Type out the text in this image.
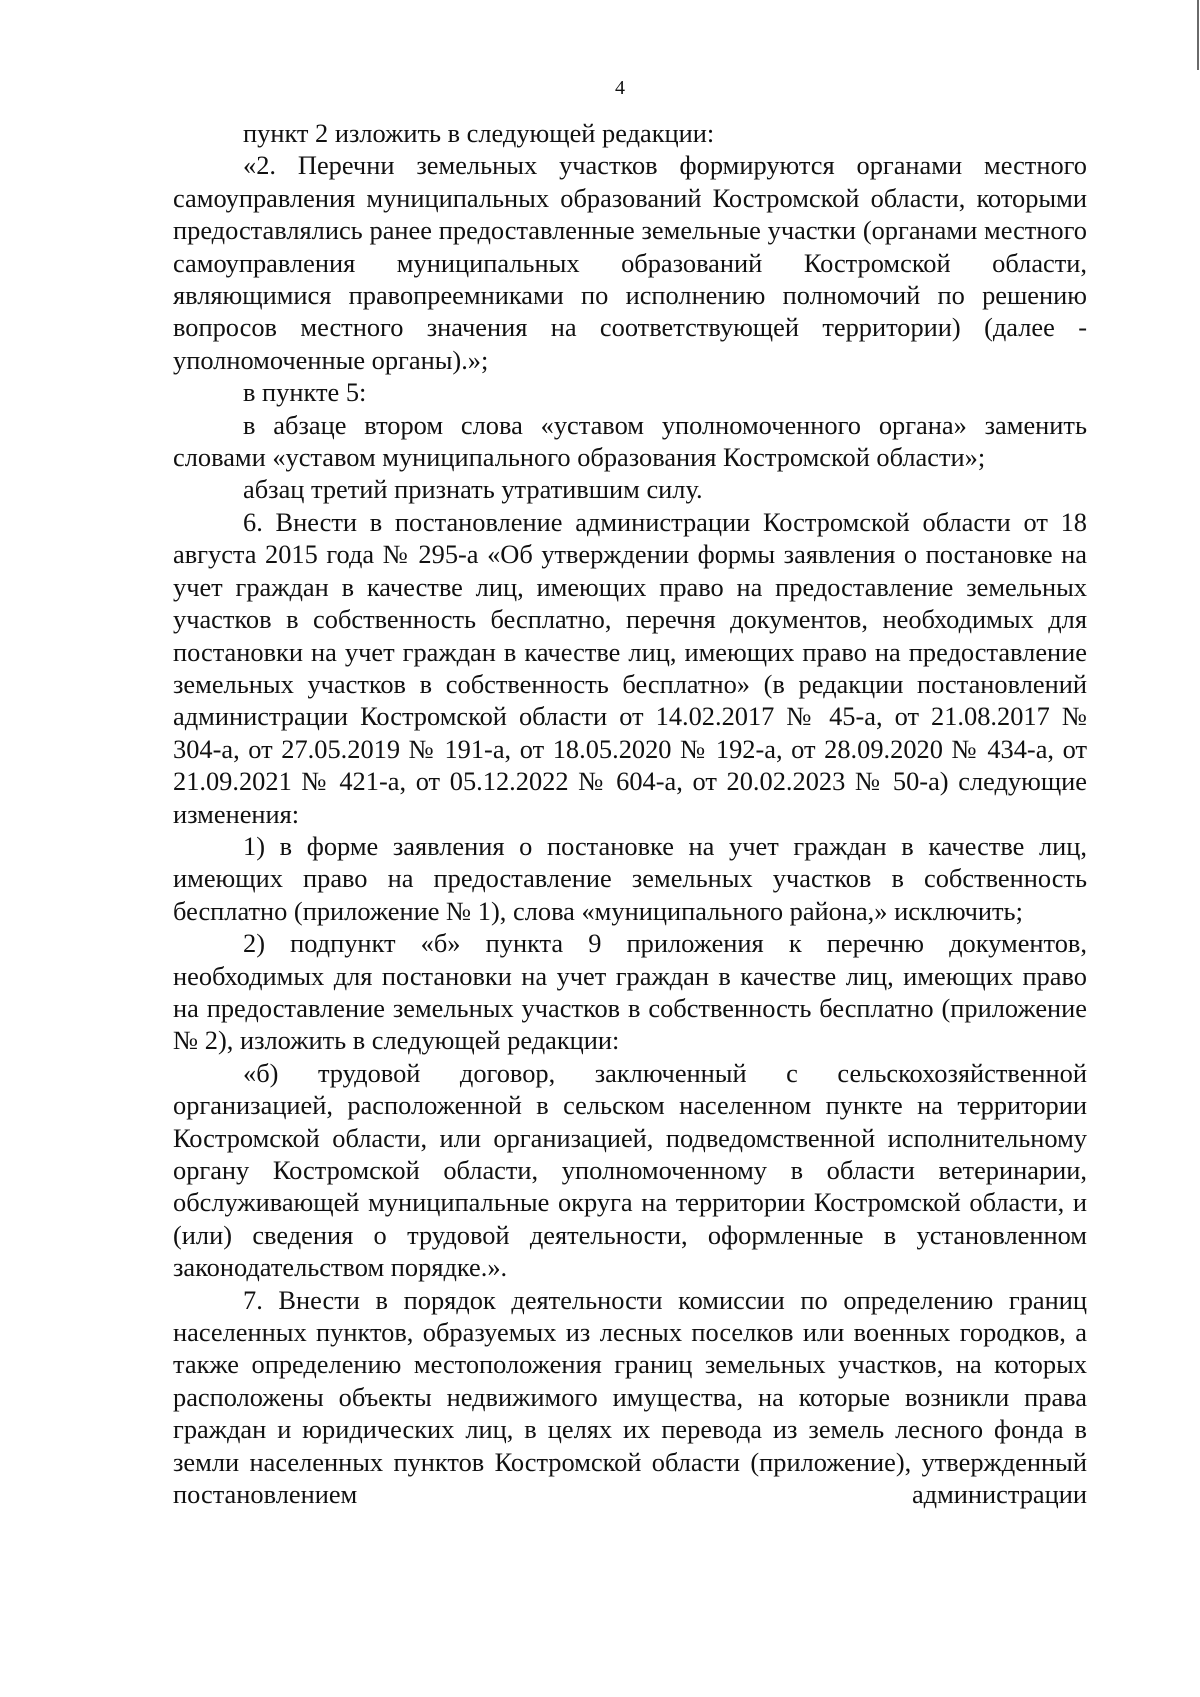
4

пункт 2 изложить в следующей редакции:

«2. Перечни земельных участков формируются органами местного самоуправления муниципальных образований Костромской области, которыми предоставлялись ранее предоставленные земельные участки (органами местного самоуправления муниципальных образований Костромской области, являющимися правопреемниками по исполнению полномочий по решению вопросов местного значения на соответствующей территории) (далее - уполномоченные органы).»;

в пункте 5:

в абзаце втором слова «уставом уполномоченного органа» заменить словами «уставом муниципального образования Костромской области»;

абзац третий признать утратившим силу.

6. Внести в постановление администрации Костромской области от 18 августа 2015 года № 295-а «Об утверждении формы заявления о постановке на учет граждан в качестве лиц, имеющих право на предоставление земельных участков в собственность бесплатно, перечня документов, необходимых для постановки на учет граждан в качестве лиц, имеющих право на предоставление земельных участков в собственность бесплатно» (в редакции постановлений администрации Костромской области от 14.02.2017 № 45-а, от 21.08.2017 № 304-а, от 27.05.2019 № 191-а, от 18.05.2020 № 192-а, от 28.09.2020 № 434-а, от 21.09.2021 № 421-а, от 05.12.2022 № 604-а, от 20.02.2023 № 50-а) следующие изменения:

1) в форме заявления о постановке на учет граждан в качестве лиц, имеющих право на предоставление земельных участков в собственность бесплатно (приложение № 1), слова «муниципального района,» исключить;

2) подпункт «б» пункта 9 приложения к перечню документов, необходимых для постановки на учет граждан в качестве лиц, имеющих право на предоставление земельных участков в собственность бесплатно (приложение № 2), изложить в следующей редакции:

«б) трудовой договор, заключенный с сельскохозяйственной организацией, расположенной в сельском населенном пункте на территории Костромской области, или организацией, подведомственной исполнительному органу Костромской области, уполномоченному в области ветеринарии, обслуживающей муниципальные округа на территории Костромской области, и (или) сведения о трудовой деятельности, оформленные в установленном законодательством порядке.».

7. Внести в порядок деятельности комиссии по определению границ населенных пунктов, образуемых из лесных поселков или военных городков, а также определению местоположения границ земельных участков, на которых расположены объекты недвижимого имущества, на которые возникли права граждан и юридических лиц, в целях их перевода из земель лесного фонда в земли населенных пунктов Костромской области (приложение), утвержденный постановлением администрации
